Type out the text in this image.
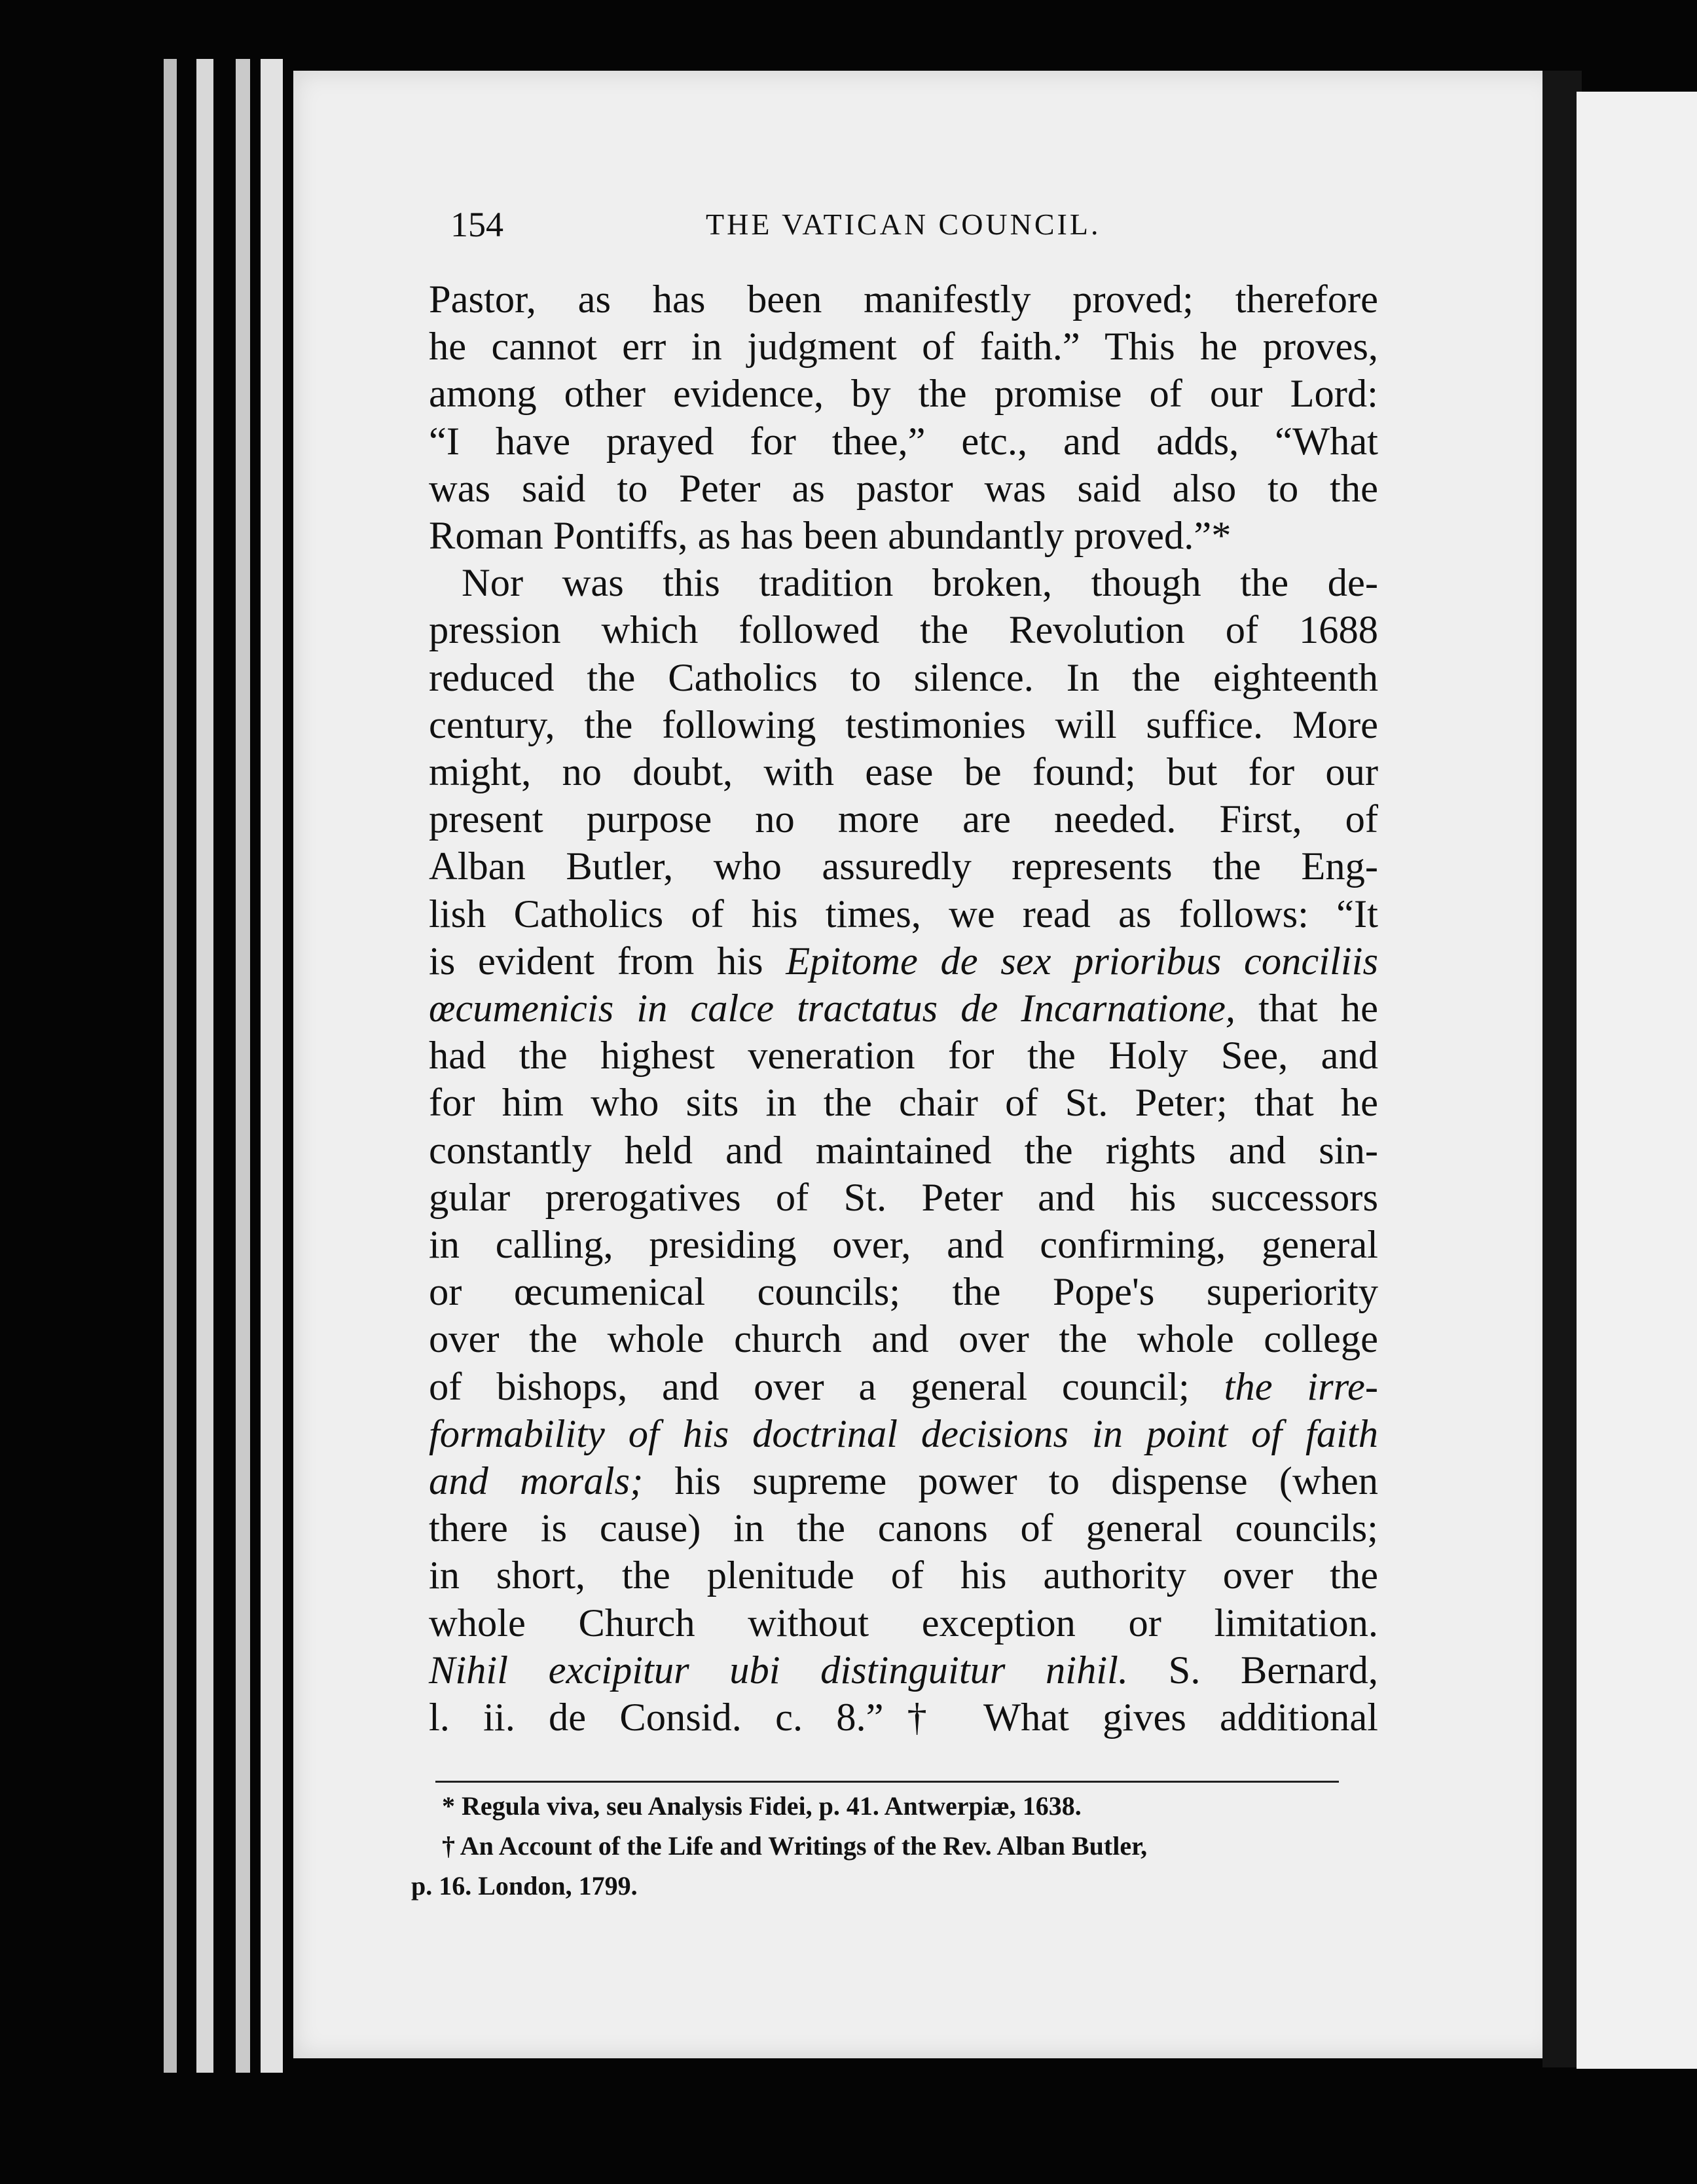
154	THE VATICAN COUNCIL.
Pastor, as has been manifestly proved; therefore
he cannot err in judgment of faith.” This he proves,
among other evidence, by the promise of our Lord:
“I have prayed for thee,” etc., and adds, “What
was said to Peter as pastor was said also to the
Roman Pontiffs, as has been abundantly proved.”*
Nor was this tradition broken, though the de-
pression which followed the Revolution of 1688
reduced the Catholics to silence. In the eighteenth
century, the following testimonies will suffice. More
might, no doubt, with ease be found; but for our
present purpose no more are needed. First, of
Alban Butler, who assuredly represents the Eng-
lish Catholics of his times, we read as follows: “It
is evident from his Epitome de sex prioribus conciliis
œcumenicis in calce tractatus de Incarnatione, that he
had the highest veneration for the Holy See, and
for him who sits in the chair of St. Peter; that he
constantly held and maintained the rights and sin-
gular prerogatives of St. Peter and his successors
in calling, presiding over, and confirming, general
or œcumenical councils; the Pope's superiority
over the whole church and over the whole college
of bishops, and over a general council; the irre-
formability of his doctrinal decisions in point of faith
and morals; his supreme power to dispense (when
there is cause) in the canons of general councils;
in short, the plenitude of his authority over the
whole Church without exception or limitation.
Nihil excipitur ubi distinguitur nihil. S. Bernard,
l. ii. de Consid. c. 8.”† What gives additional
* Regula viva, seu Analysis Fidei, p. 41. Antwerpiæ, 1638.
† An Account of the Life and Writings of the Rev. Alban Butler,
p. 16. London, 1799.
